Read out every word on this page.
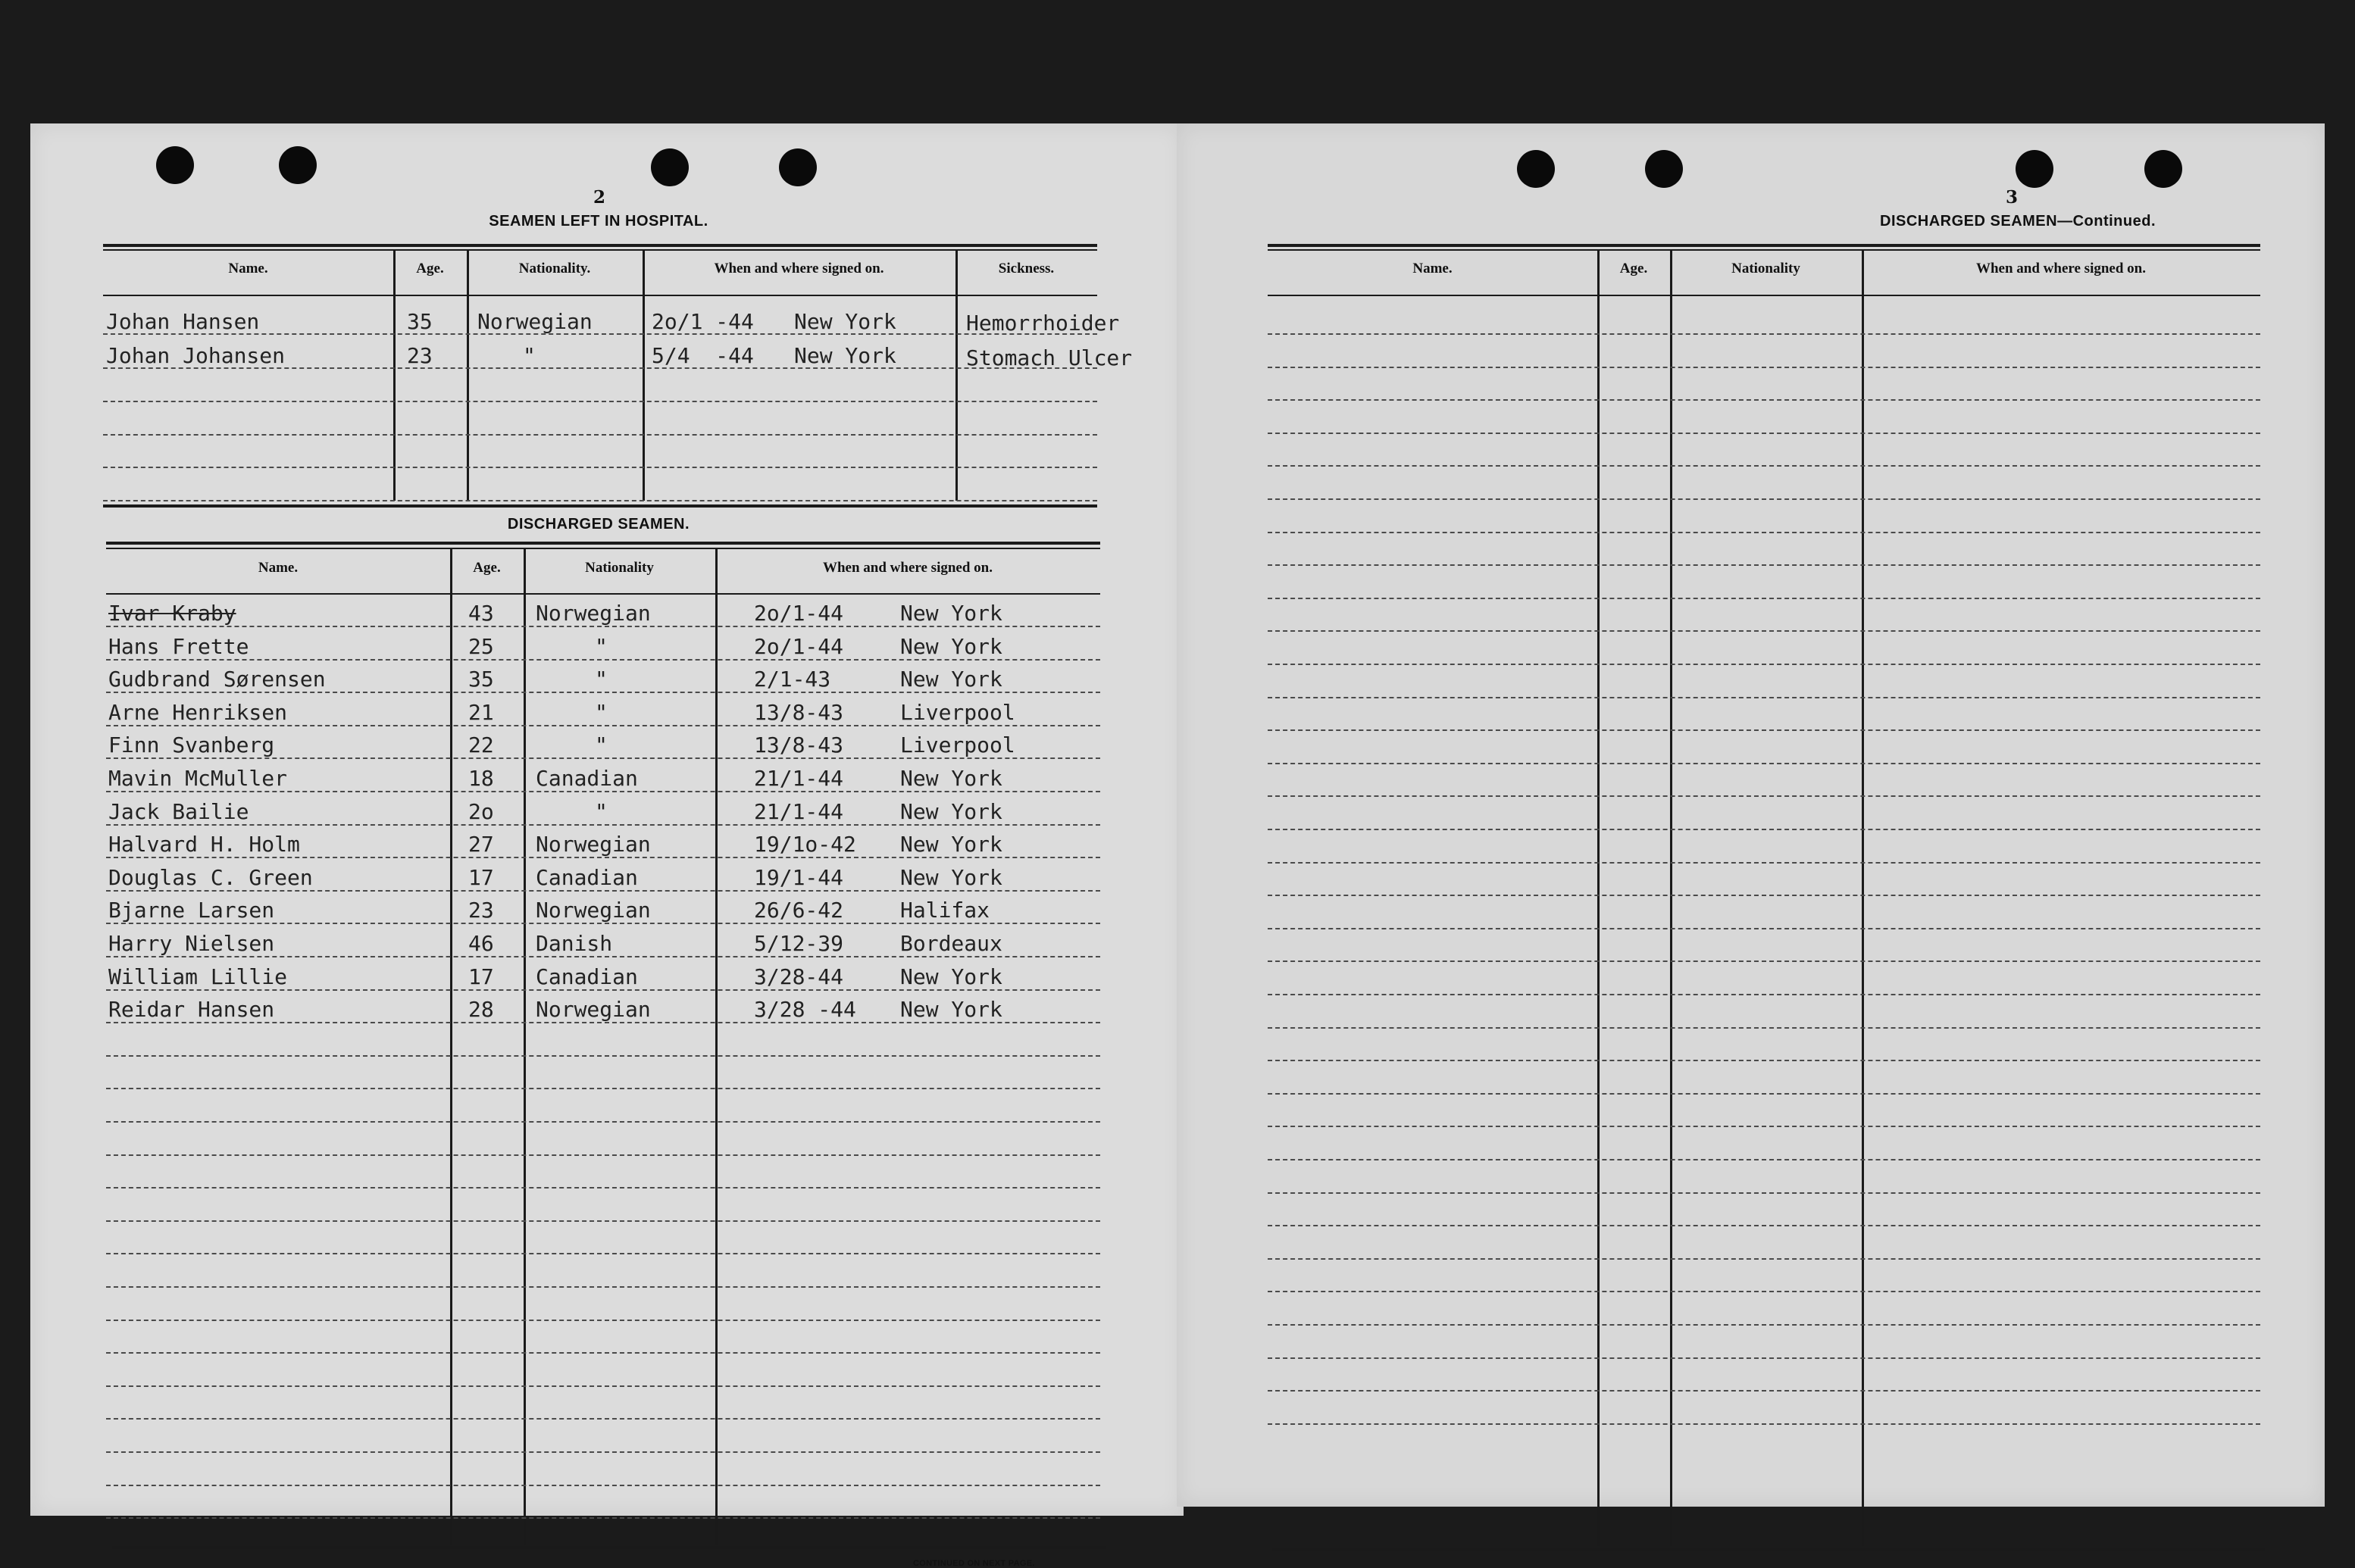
2
SEAMEN LEFT IN HOSPITAL.
Name.	Age.	Nationality.	When and where signed on.	Sickness.
Johan Hansen	35 Norwegian	2o/1 -44 New York	Hemorrhoider
Johan Johansen	23	"	5/4  -44 New York	Stomach Ulcer
DISCHARGED SEAMEN.
Name.	Age.	Nationality	When and where signed on.
Ivar Kraby	43 Norwegian	2o/1-44	New York
Hans Frette	25	"	2o/1-44	New York
Gudbrand Sørensen	35	"	2/1-43	New York
Arne Henriksen	21	"	13/8-43	Liverpool
Finn Svanberg	22	"	13/8-43	Liverpool
Mavin McMuller	18 Canadian	21/1-44	New York
Jack Bailie	2o	"	21/1-44	New York
Halvard H. Holm	27 Norwegian	19/1o-42 New York
Douglas C. Green	17 Canadian	19/1-44	New York
Bjarne Larsen	23 Norwegian	26/6-42	Halifax
Harry Nielsen	46 Danish	5/12-39	Bordeaux
William Lillie	17 Canadian	3/28-44	New York
Reidar Hansen	28 Norwegian	3/28 -44 New York
CONTINUED ON NEXT PAGE.
3
DISCHARGED SEAMEN—Continued.
Name.	Age.	Nationality	When and where signed on.
